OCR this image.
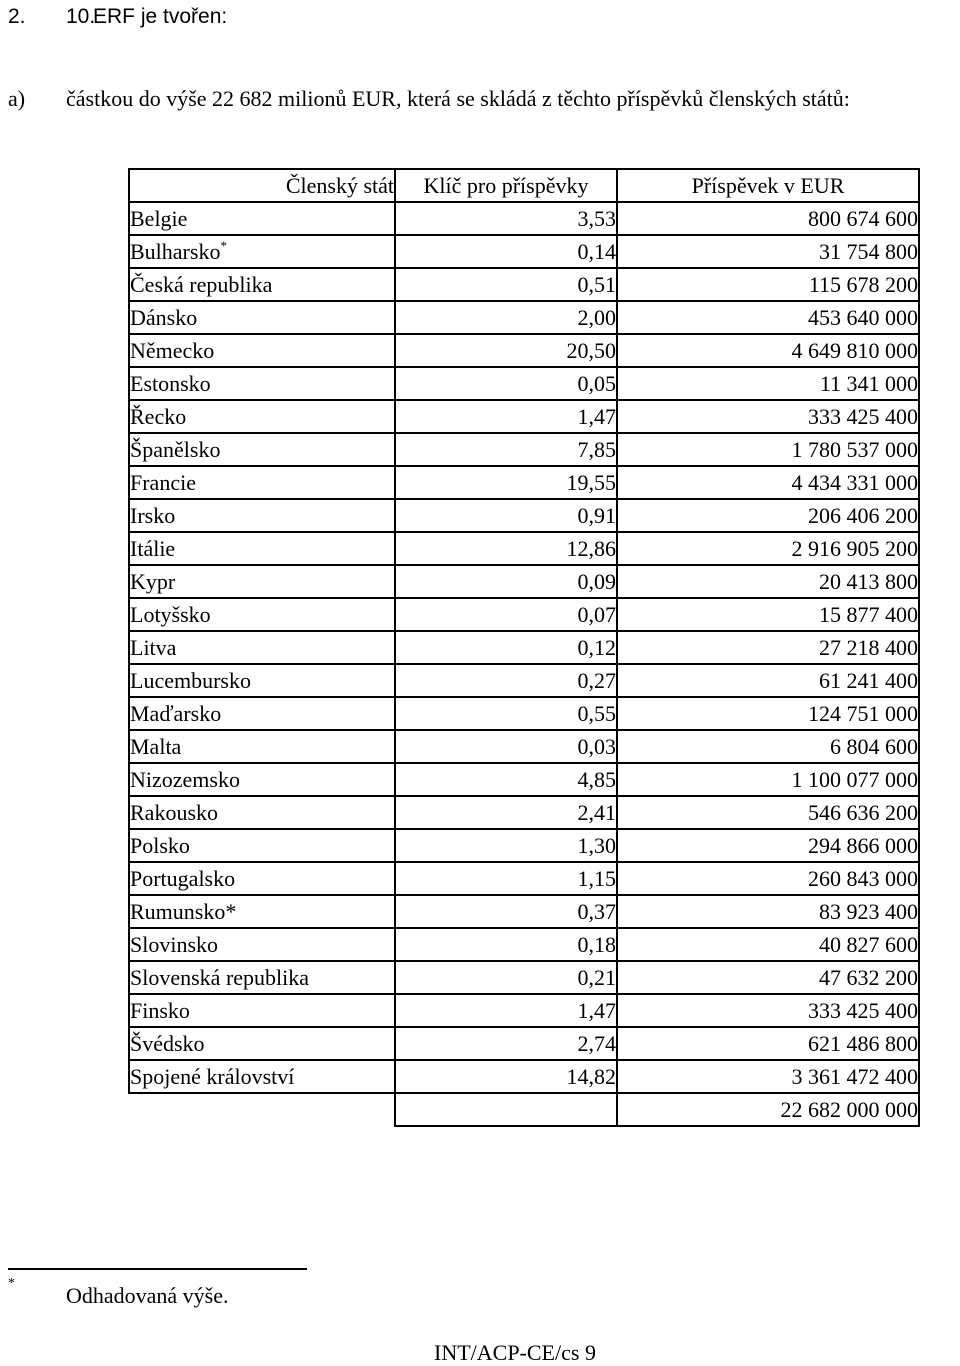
2. 10.
ERF je tvořen:
a) částkou do výše 22 682 milionů EUR, která se skládá z těchto příspěvků členských států:
Členský stát	Klíč pro příspěvky	Příspěvek v EUR
Belgie	3,53	800 674 600
Bulharsko*	0,14	31 754 800
Česká republika	0,51	115 678 200
Dánsko	2,00	453 640 000
Německo	20,50	4 649 810 000
Estonsko	0,05	11 341 000
Řecko	1,47	333 425 400
Španělsko	7,85	1 780 537 000
Francie	19,55	4 434 331 000
Irsko	0,91	206 406 200
Itálie	12,86	2 916 905 200
Kypr	0,09	20 413 800
Lotyšsko	0,07	15 877 400
Litva	0,12	27 218 400
Lucembursko	0,27	61 241 400
Maďarsko	0,55	124 751 000
Malta	0,03	6 804 600
Nizozemsko	4,85	1 100 077 000
Rakousko	2,41	546 636 200
Polsko	1,30	294 866 000
Portugalsko	1,15	260 843 000
Rumunsko*	0,37	83 923 400
Slovinsko	0,18	40 827 600
Slovenská republika	0,21	47 632 200
Finsko	1,47	333 425 400
Švédsko	2,74	621 486 800
Spojené království	14,82	3 361 472 400
		22 682 000 000
* Odhadovaná výše.
INT/ACP-CE/cs 9
